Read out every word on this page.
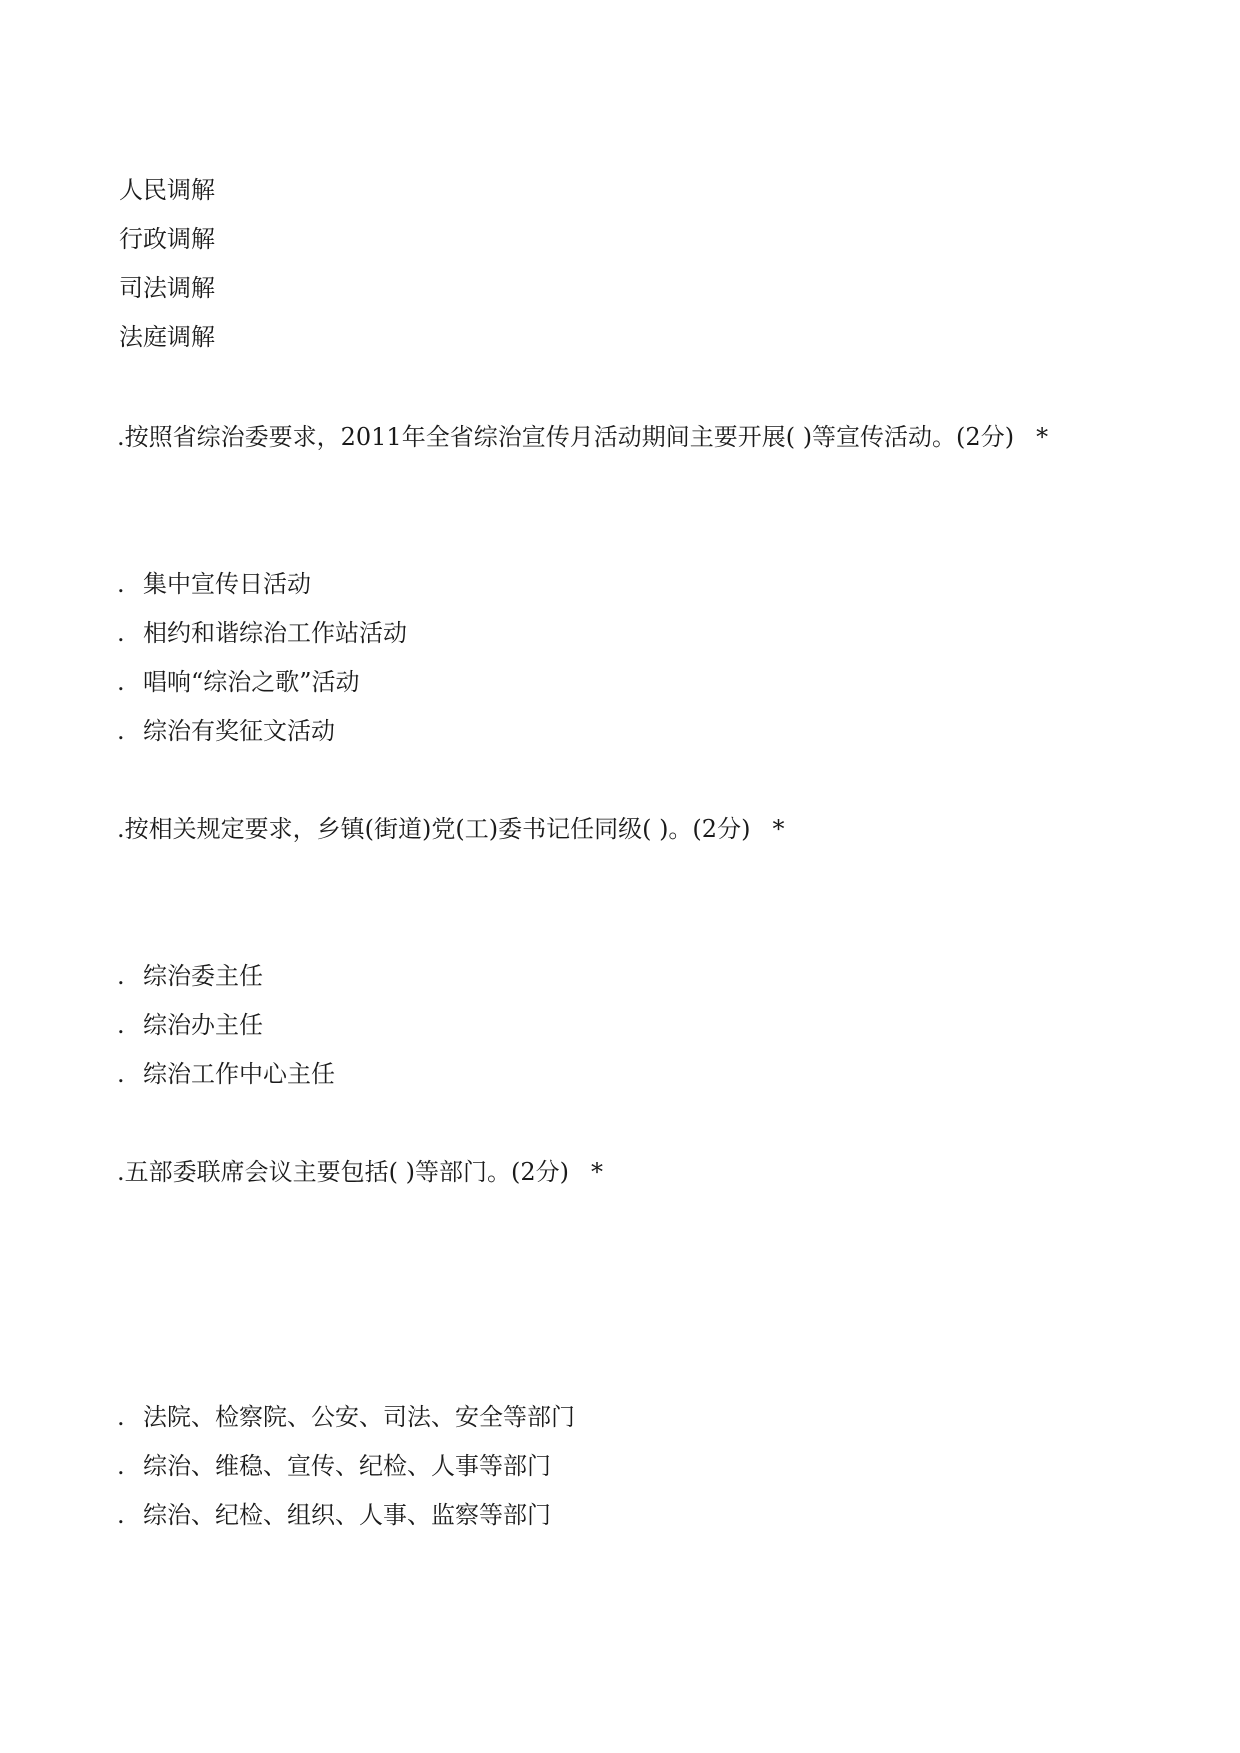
人民调解
行政调解
司法调解
法庭调解
.按照省综治委要求，2011年全省综治宣传月活动期间主要开展( )等宣传活动。(2分) *
. 集中宣传日活动
. 相约和谐综治工作站活动
. 唱响“综治之歌”活动
. 综治有奖征文活动
.按相关规定要求，乡镇(街道)党(工)委书记任同级( )。(2分) *
. 综治委主任
. 综治办主任
. 综治工作中心主任
.五部委联席会议主要包括( )等部门。(2分) *
. 法院、检察院、公安、司法、安全等部门
. 综治、维稳、宣传、纪检、人事等部门
. 综治、纪检、组织、人事、监察等部门
